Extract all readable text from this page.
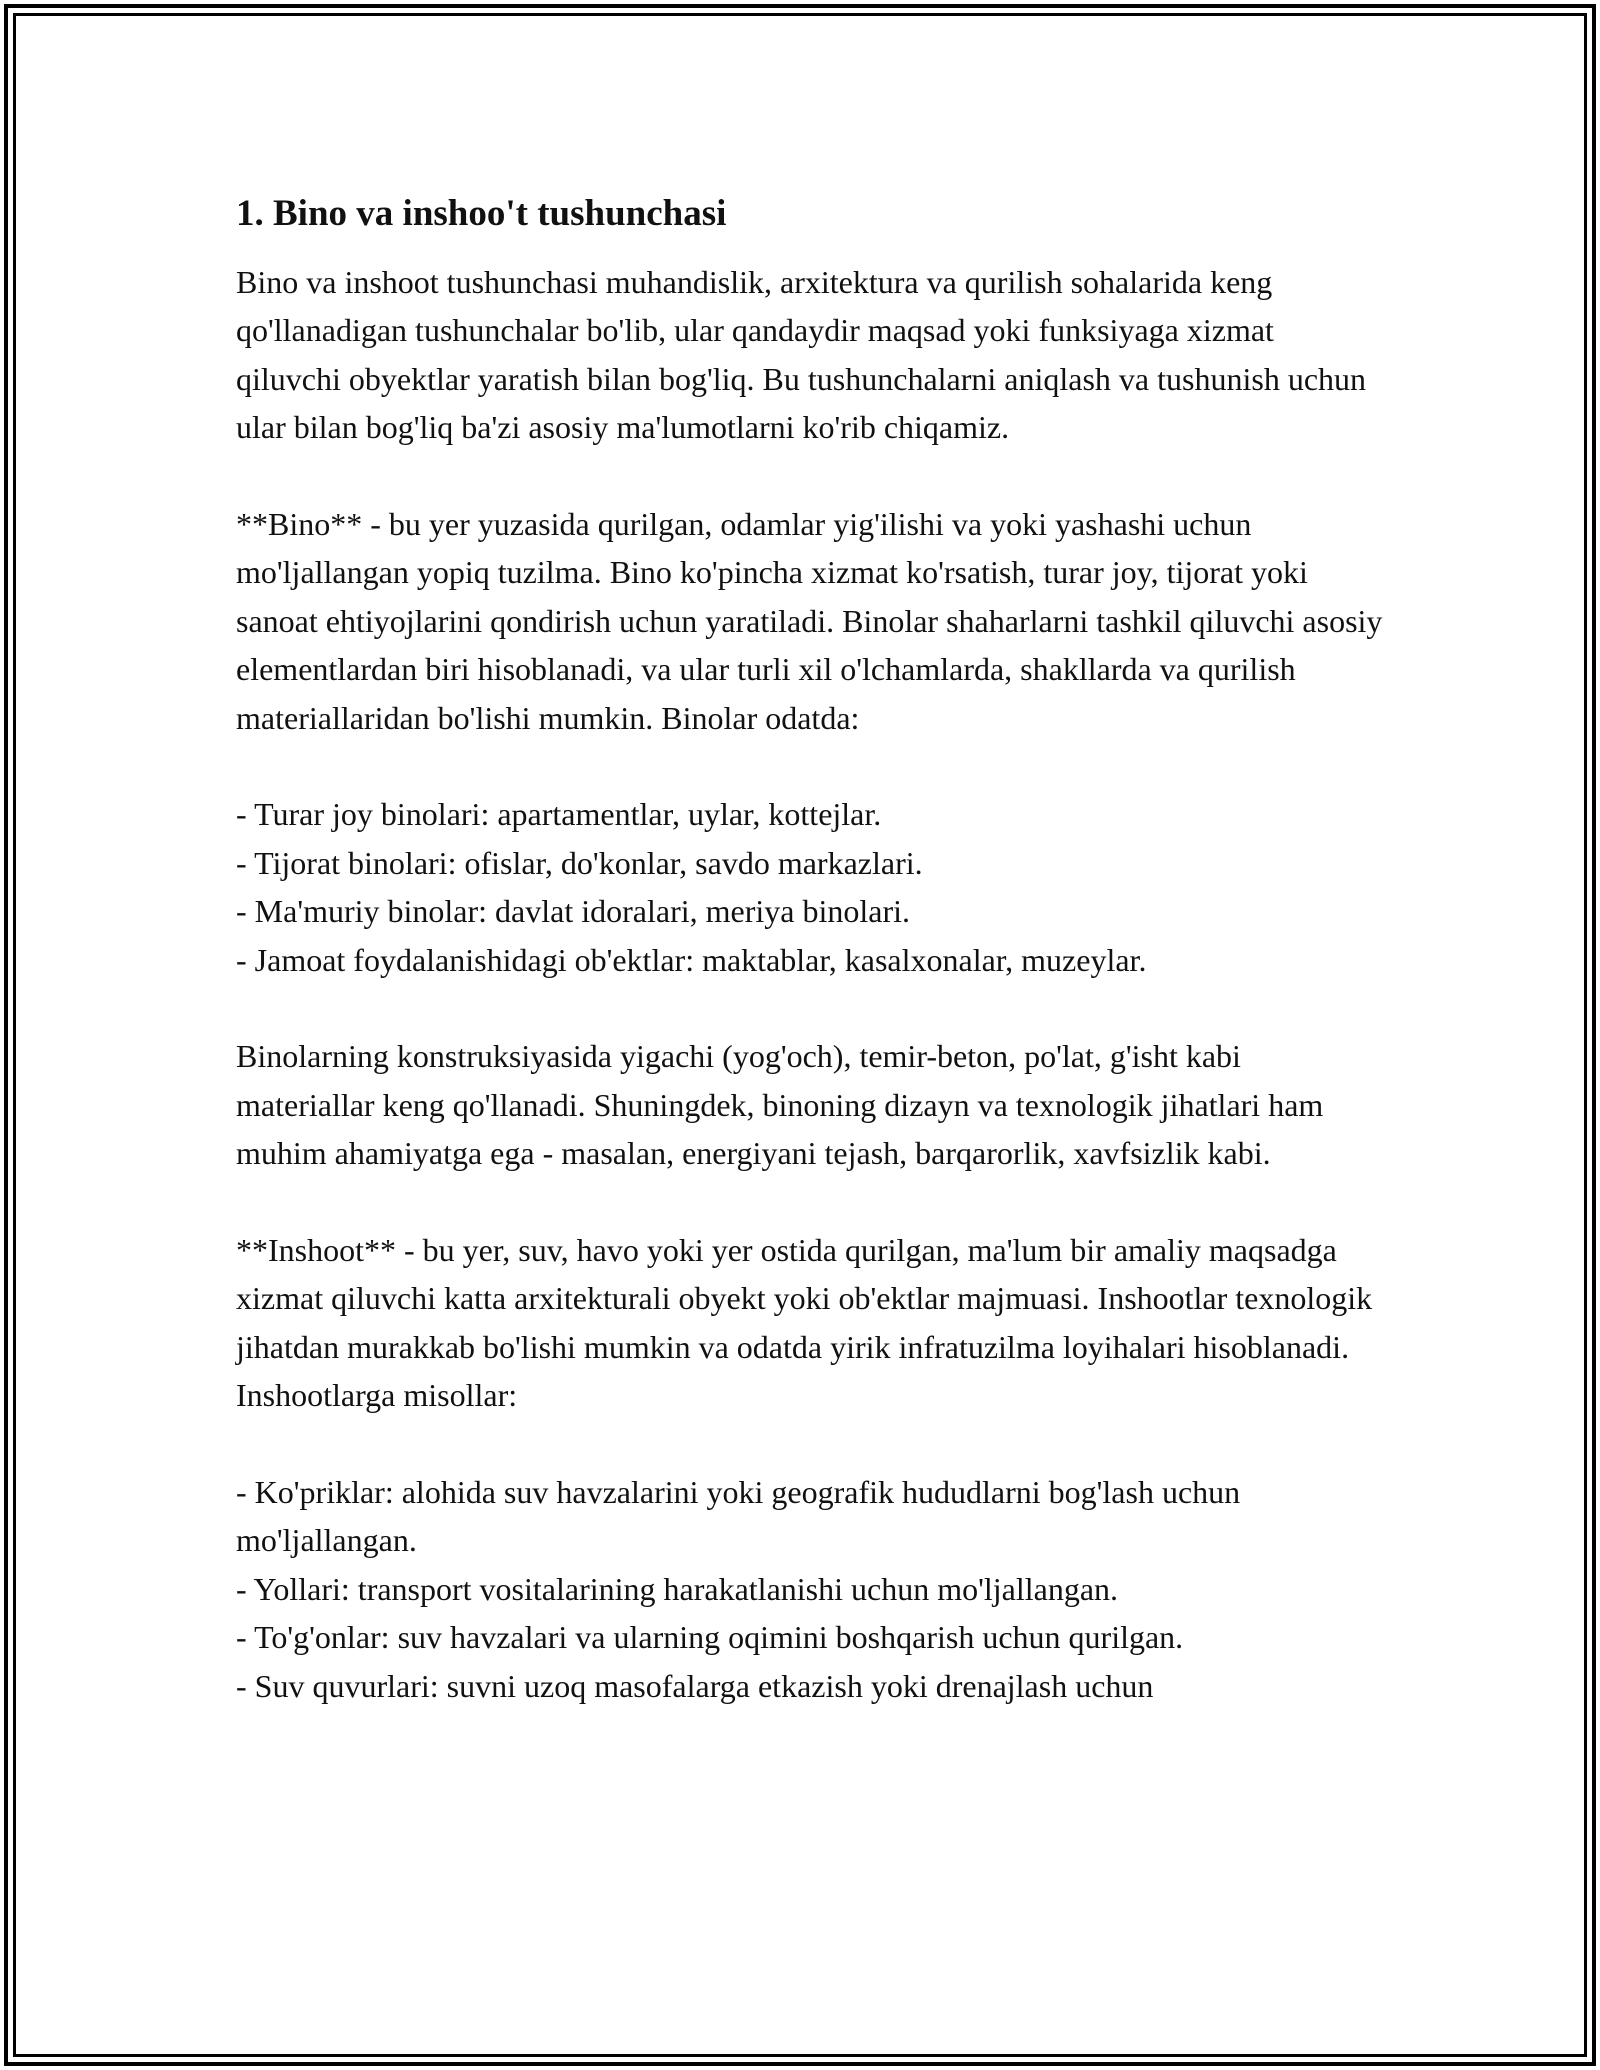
1. Bino va inshoo't tushunchasi

Bino va inshoot tushunchasi muhandislik, arxitektura va qurilish sohalarida keng qo'llanadigan tushunchalar bo'lib, ular qandaydir maqsad yoki funksiyaga xizmat qiluvchi obyektlar yaratish bilan bog'liq. Bu tushunchalarni aniqlash va tushunish uchun ular bilan bog'liq ba'zi asosiy ma'lumotlarni ko'rib chiqamiz.

**Bino** - bu yer yuzasida qurilgan, odamlar yig'ilishi va yoki yashashi uchun mo'ljallangan yopiq tuzilma. Bino ko'pincha xizmat ko'rsatish, turar joy, tijorat yoki sanoat ehtiyojlarini qondirish uchun yaratiladi. Binolar shaharlarni tashkil qiluvchi asosiy elementlardan biri hisoblanadi, va ular turli xil o'lchamlarda, shakllarda va qurilish materiallaridan bo'lishi mumkin. Binolar odatda:

- Turar joy binolari: apartamentlar, uylar, kottejlar.
- Tijorat binolari: ofislar, do'konlar, savdo markazlari.
- Ma'muriy binolar: davlat idoralari, meriya binolari.
- Jamoat foydalanishidagi ob'ektlar: maktablar, kasalxonalar, muzeylar.

Binolarning konstruksiyasida yigachi (yog'och), temir-beton, po'lat, g'isht kabi materiallar keng qo'llanadi. Shuningdek, binoning dizayn va texnologik jihatlari ham muhim ahamiyatga ega - masalan, energiyani tejash, barqarorlik, xavfsizlik kabi.

**Inshoot** - bu yer, suv, havo yoki yer ostida qurilgan, ma'lum bir amaliy maqsadga xizmat qiluvchi katta arxitekturali obyekt yoki ob'ektlar majmuasi. Inshootlar texnologik jihatdan murakkab bo'lishi mumkin va odatda yirik infratuzilma loyihalari hisoblanadi. Inshootlarga misollar:

- Ko'priklar: alohida suv havzalarini yoki geografik hududlarni bog'lash uchun mo'ljallangan.
- Yollari: transport vositalarining harakatlanishi uchun mo'ljallangan.
- To'g'onlar: suv havzalari va ularning oqimini boshqarish uchun qurilgan.
- Suv quvurlari: suvni uzoq masofalarga etkazish yoki drenajlash uchun
